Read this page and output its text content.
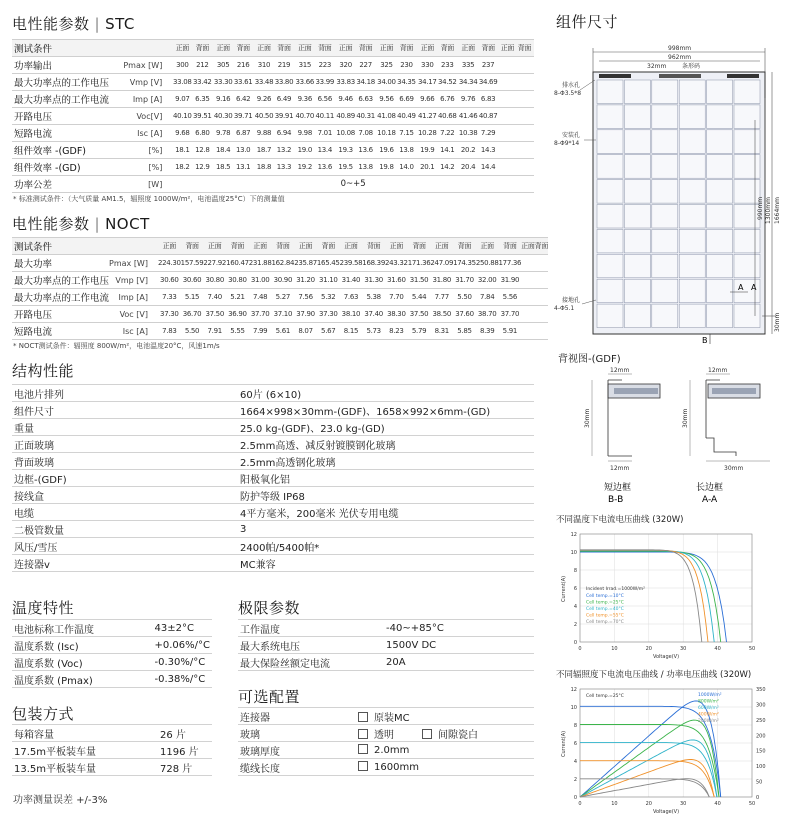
电性能参数 | STC
测试条件		正面	背面		正面	背面		正面	背面		正面	背面		正面	背面		正面	背面		正面	背面		正面	背面		正面	背面	
功率输出	Pmax [W]	300	212		305	216		310	219		315	223		320	227		325	230		330	233		335	237				
最大功率点的工作电压	Vmp [V]	33.08	33.42		33.30	33.61		33.48	33.80		33.66	33.99		33.83	34.18		34.00	34.35		34.17	34.52		34.34	34.69				
最大功率点的工作电流	Imp [A]	9.07	6.35		9.16	6.42		9.26	6.49		9.36	6.56		9.46	6.63		9.56	6.69		9.66	6.76		9.76	6.83				
开路电压	Voc[V]	40.10	39.51		40.30	39.71		40.50	39.91		40.70	40.11		40.89	40.31		41.08	40.49		41.27	40.68		41.46	40.87				
短路电流	Isc [A]	9.68	6.80		9.78	6.87		9.88	6.94		9.98	7.01		10.08	7.08		10.18	7.15		10.28	7.22		10.38	7.29				
组件效率 -(GDF)	[%]	18.1	12.8		18.4	13.0		18.7	13.2		19.0	13.4		19.3	13.6		19.6	13.8		19.9	14.1		20.2	14.3				
组件效率 -(GD)	[%]	18.2	12.9		18.5	13.1		18.8	13.3		19.2	13.6		19.5	13.8		19.8	14.0		20.1	14.2		20.4	14.4				
功率公差	[W]	0~+5																		
* 标准测试条件：（大气质量 AM1.5，辐照度 1000W/m²，电池温度25°C）下的测量值
电性能参数 | NOCT
测试条件		正面	背面		正面	背面		正面	背面		正面	背面		正面	背面		正面	背面		正面	背面		正面	背面		正面	背面	
最大功率	Pmax [W]	224.30	157.59		227.92	160.47		231.88	162.84		235.87	165.45		239.58	168.39		243.32	171.36		247.09	174.35		250.88	177.36				
最大功率点的工作电压	Vmp [V]	30.60	30.60		30.80	30.80		31.00	30.90		31.20	31.10		31.40	31.30		31.60	31.50		31.80	31.70		32.00	31.90				
最大功率点的工作电流	Imp [A]	7.33	5.15		7.40	5.21		7.48	5.27		7.56	5.32		7.63	5.38		7.70	5.44		7.77	5.50		7.84	5.56				
开路电压	Voc [V]	37.30	36.70		37.50	36.90		37.70	37.10		37.90	37.30		38.10	37.40		38.30	37.50		38.50	37.60		38.70	37.70				
短路电流	Isc [A]	7.83	5.50		7.91	5.55		7.99	5.61		8.07	5.67		8.15	5.73		8.23	5.79		8.31	5.85		8.39	5.91				
* NOCT测试条件：辐照度 800W/m²，电池温度20°C，风速1m/s
结构性能
电池片排列	60片 (6×10)
组件尺寸	1664×998×30mm-(GDF)、1658×992×6mm-(GD)
重量	25.0 kg-(GDF)、23.0 kg-(GD)
正面玻璃	2.5mm高透、减反射镀膜钢化玻璃
背面玻璃	2.5mm高透钢化玻璃
边框-(GDF)	阳极氧化铝
接线盒	防护等级 IP68
电缆	4平方毫米，200毫米 光伏专用电缆
二极管数量	3
风压/雪压	2400帕/5400帕*
连接器v	MC兼容
温度特性
电池标称工作温度	43±2°C
温度系数 (Isc)	+0.06%/°C
温度系数 (Voc)	-0.30%/°C
温度系数 (Pmax)	-0.38%/°C
极限参数
工作温度	-40~+85°C
最大系统电压	1500V DC
最大保险丝额定电流	20A
包装方式
每箱容量	26 片
17.5m平板装车量	1196 片
13.5m平板装车量	728 片
可选配置
连接器	原装MC	
玻璃	透明	间隙瓷白
玻璃厚度	2.0mm	
缆线长度	1600mm	
功率测量误差 +/-3%
组件尺寸
998mm
962mm
32mm	条形码
990mm 1300mm 1664mm
30mm
排水孔
8-Φ3.5*8
安装孔
8-Φ9*14
接地孔
4-Φ5.1
A A
B
背视图-(GDF)
12mm
30mm
12mm
12mm
30mm
30mm
短边框
B-B
长边框
A-A
不同温度下电流电压曲线 (320W)
0
2
4
6
8
10
12
0	10	20	30	40	50
Voltage(V)
Current(A)	Incident Irrad.=1000W/m²
Cell temp.=10°C
Cell temp.=25°C
Cell temp.=40°C
Cell temp.=55°C
Cell temp.=70°C
不同辐照度下电流电压曲线 / 功率电压曲线 (320W)
0
2
4
6
8
10
12
0	10	20	30	40	50
Voltage(V)
Current(A)
0
50
100
150
200
250
300
350
Cell temp.=25°C	1000W/m²
800W/m²
600W/m²
400W/m²
200W/m²
